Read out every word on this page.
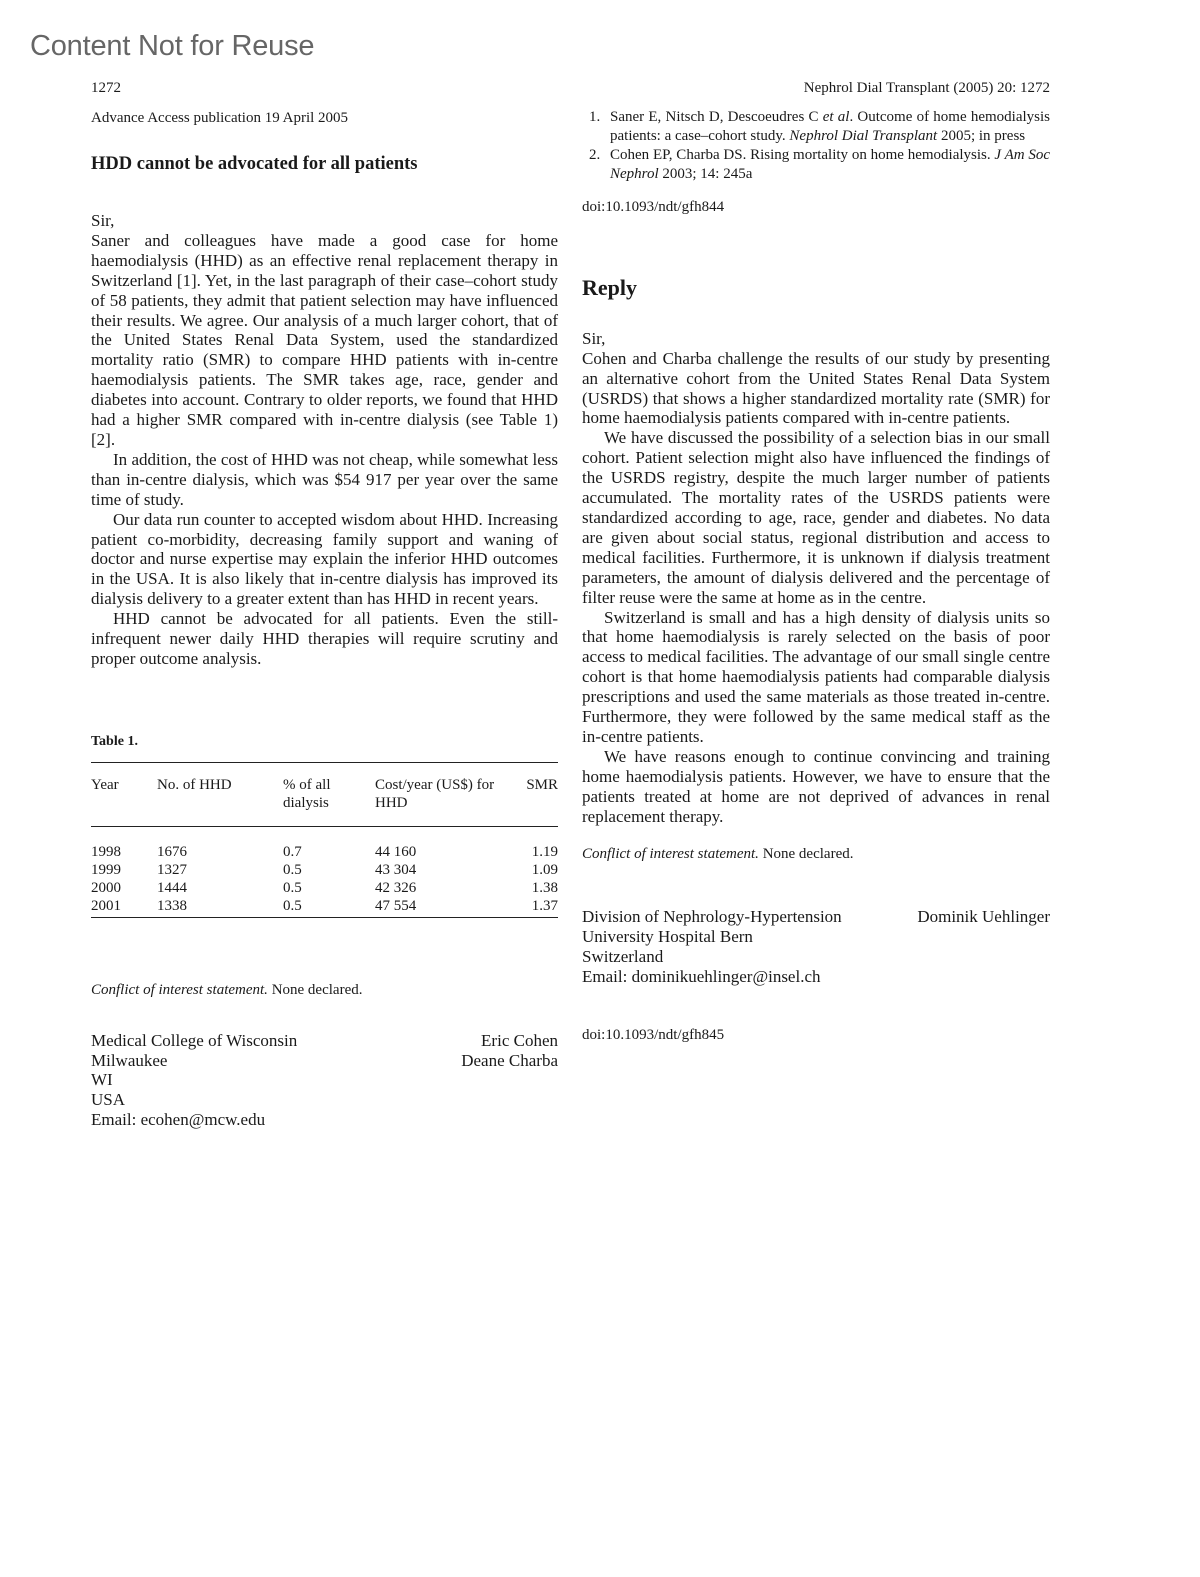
Content Not for Reuse
1272	Nephrol Dial Transplant (2005) 20: 1272
Advance Access publication 19 April 2005
HDD cannot be advocated for all patients
Sir,

Saner and colleagues have made a good case for home haemodialysis (HHD) as an effective renal replacement therapy in Switzerland [1]. Yet, in the last paragraph of their case–cohort study of 58 patients, they admit that patient selection may have influenced their results. We agree. Our analysis of a much larger cohort, that of the United States Renal Data System, used the standardized mortality ratio (SMR) to compare HHD patients with in-centre haemodialysis patients. The SMR takes age, race, gender and diabetes into account. Contrary to older reports, we found that HHD had a higher SMR compared with in-centre dialysis (see Table 1) [2].

In addition, the cost of HHD was not cheap, while somewhat less than in-centre dialysis, which was $54 917 per year over the same time of study.

Our data run counter to accepted wisdom about HHD. Increasing patient co-morbidity, decreasing family support and waning of doctor and nurse expertise may explain the inferior HHD outcomes in the USA. It is also likely that in-centre dialysis has improved its dialysis delivery to a greater extent than has HHD in recent years.

HHD cannot be advocated for all patients. Even the still-infrequent newer daily HHD therapies will require scrutiny and proper outcome analysis.

Table 1.
Year	No. of HHD	% of all dialysis	Cost/year (US$) for HHD	SMR
1998	1676	0.7	44 160	1.19
1999	1327	0.5	43 304	1.09
2000	1444	0.5	42 326	1.38
2001	1338	0.5	47 554	1.37
Conflict of interest statement. None declared.
Medical College of Wisconsin
Milwaukee
WI
USA
Email: ecohen@mcw.edu
Eric Cohen
Deane Charba
1. Saner E, Nitsch D, Descoeudres C et al. Outcome of home hemodialysis patients: a case–cohort study. Nephrol Dial Transplant 2005; in press
2. Cohen EP, Charba DS. Rising mortality on home hemodialysis. J Am Soc Nephrol 2003; 14: 245a
doi:10.1093/ndt/gfh844
Reply
Sir,

Cohen and Charba challenge the results of our study by presenting an alternative cohort from the United States Renal Data System (USRDS) that shows a higher standardized mortality rate (SMR) for home haemodialysis patients compared with in-centre patients.

We have discussed the possibility of a selection bias in our small cohort. Patient selection might also have influenced the findings of the USRDS registry, despite the much larger number of patients accumulated. The mortality rates of the USRDS patients were standardized according to age, race, gender and diabetes. No data are given about social status, regional distribution and access to medical facilities. Furthermore, it is unknown if dialysis treatment parameters, the amount of dialysis delivered and the percentage of filter reuse were the same at home as in the centre.

Switzerland is small and has a high density of dialysis units so that home haemodialysis is rarely selected on the basis of poor access to medical facilities. The advantage of our small single centre cohort is that home haemodialysis patients had comparable dialysis prescriptions and used the same materials as those treated in-centre. Furthermore, they were followed by the same medical staff as the in-centre patients.

We have reasons enough to continue convincing and training home haemodialysis patients. However, we have to ensure that the patients treated at home are not deprived of advances in renal replacement therapy.

Conflict of interest statement. None declared.
Division of Nephrology-Hypertension
University Hospital Bern
Switzerland
Email: dominikuehlinger@insel.ch
Dominik Uehlinger
doi:10.1093/ndt/gfh845
